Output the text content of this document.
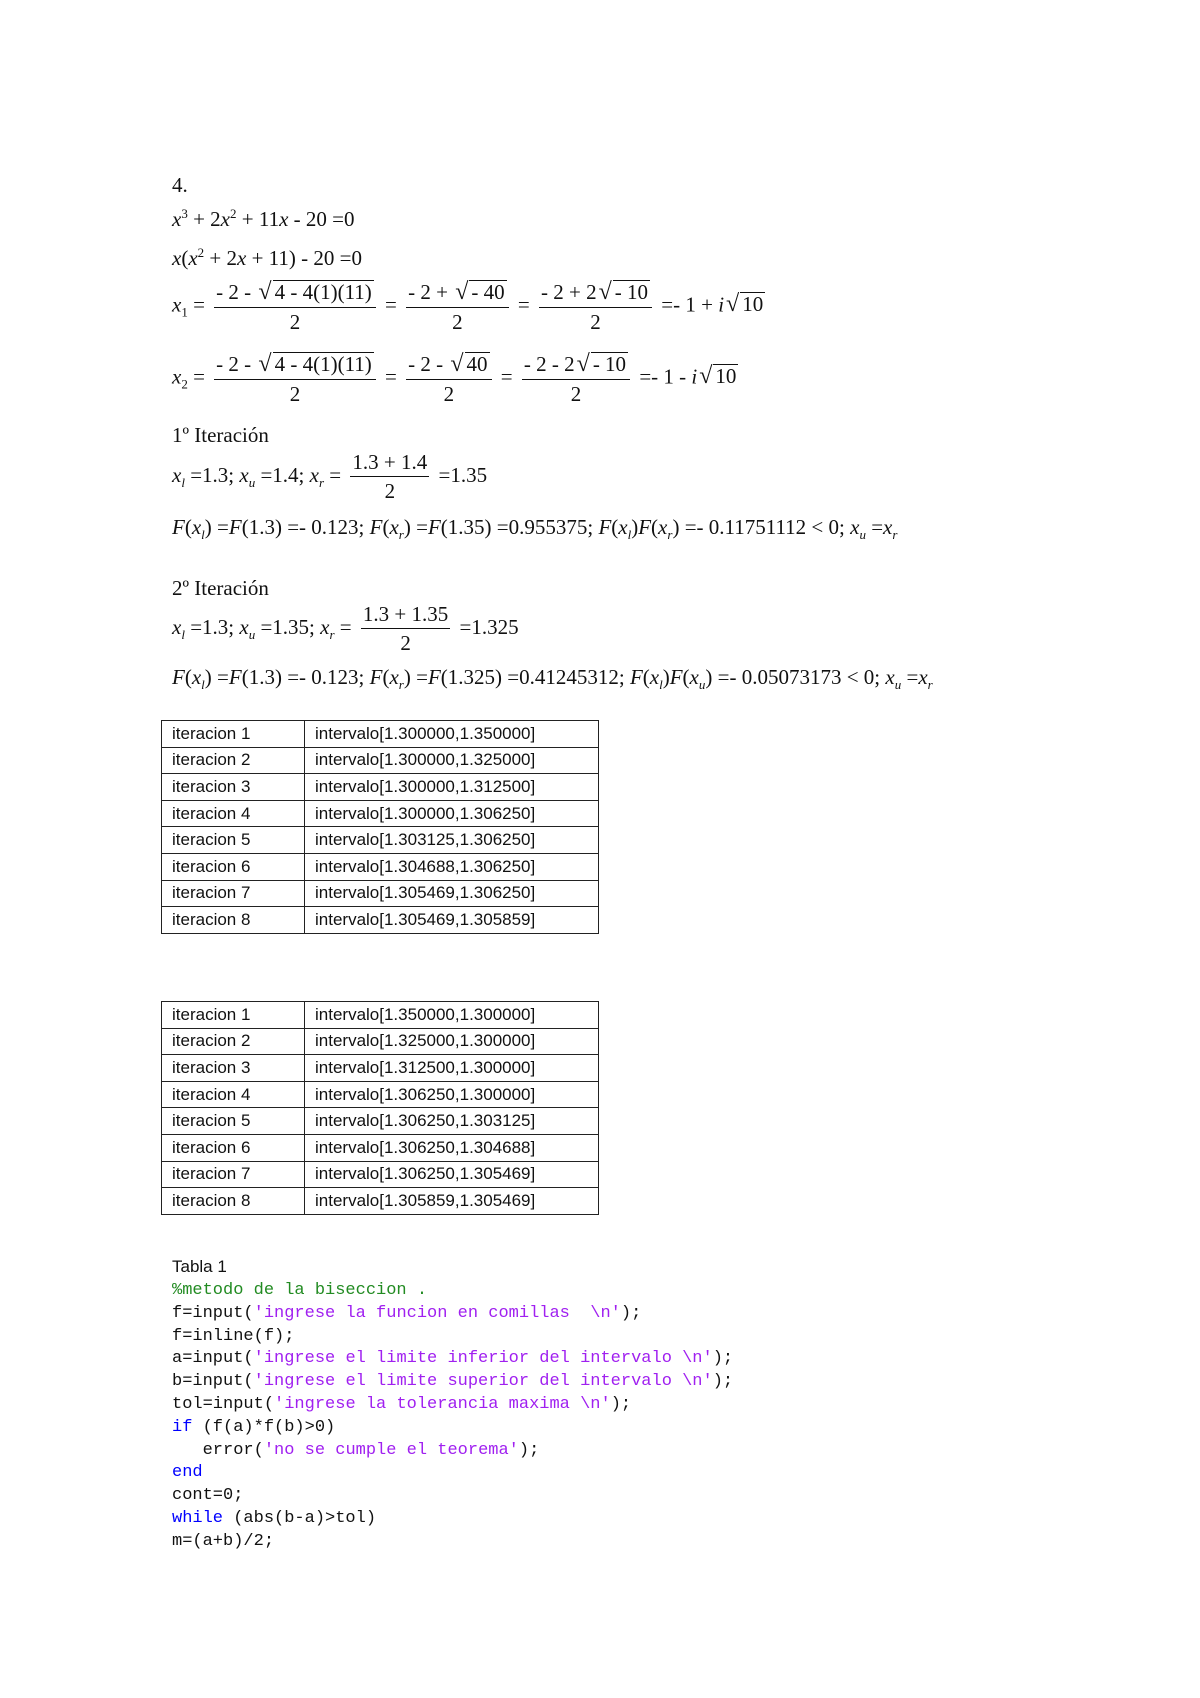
4.
$x^3 + 2x^2 + 11x - 20 =0$
$x(x^2 + 2x + 11) - 20 =0$
$x_1 = \frac{- 2 - √ 4 - 4(1)(11)}{2} = \frac{- 2 + √ - 40}{2} = \frac{- 2 + 2√ - 10}{2} =- 1 + i√$ 10
$x_2 = \frac{- 2 - √ 4 - 4(1)(11)}{2} = \frac{- 2 - √ 40}{2} = \frac{- 2 - 2√ - 10}{2} =- 1 - i√$ 10
1º Iteración
$x_l =1.3$; $x_u =1.4$; $x_r = \frac{1.3 + 1.4}{2} =1.35$
$F(x_l) =F(1.3) =- 0.123$; $F(x_r) =F(1.35) =0.955375$; $F(x_l)F(x_r) =- 0.11751112 < 0$; $x_u =x_r$
2º Iteración
$x_l =1.3$; $x_u =1.35$; $x_r = \frac{1.3 + 1.35}{2} =1.325$
$F(x_l) =F(1.3) =- 0.123$; $F(x_r) =F(1.325) =0.41245312$; $F(x_l)F(x_u) =- 0.05073173 < 0$; $x_u =x_r$
iteracion 1	intervalo[1.300000,1.350000]
iteracion 2	intervalo[1.300000,1.325000]
iteracion 3	intervalo[1.300000,1.312500]
iteracion 4	intervalo[1.300000,1.306250]
iteracion 5	intervalo[1.303125,1.306250]
iteracion 6	intervalo[1.304688,1.306250]
iteracion 7	intervalo[1.305469,1.306250]
iteracion 8	intervalo[1.305469,1.305859]
iteracion 1	intervalo[1.350000,1.300000]
iteracion 2	intervalo[1.325000,1.300000]
iteracion 3	intervalo[1.312500,1.300000]
iteracion 4	intervalo[1.306250,1.300000]
iteracion 5	intervalo[1.306250,1.303125]
iteracion 6	intervalo[1.306250,1.304688]
iteracion 7	intervalo[1.306250,1.305469]
iteracion 8	intervalo[1.305859,1.305469]
Tabla 1
%metodo de la biseccion .
f=input('ingrese la funcion en comillas  \n');
f=inline(f);
a=input('ingrese el limite inferior del intervalo \n');
b=input('ingrese el limite superior del intervalo \n');
tol=input('ingrese la tolerancia maxima \n');
if (f(a)*f(b)>0)
error('no se cumple el teorema');
end
cont=0;
while (abs(b-a)>tol)
m=(a+b)/2;
